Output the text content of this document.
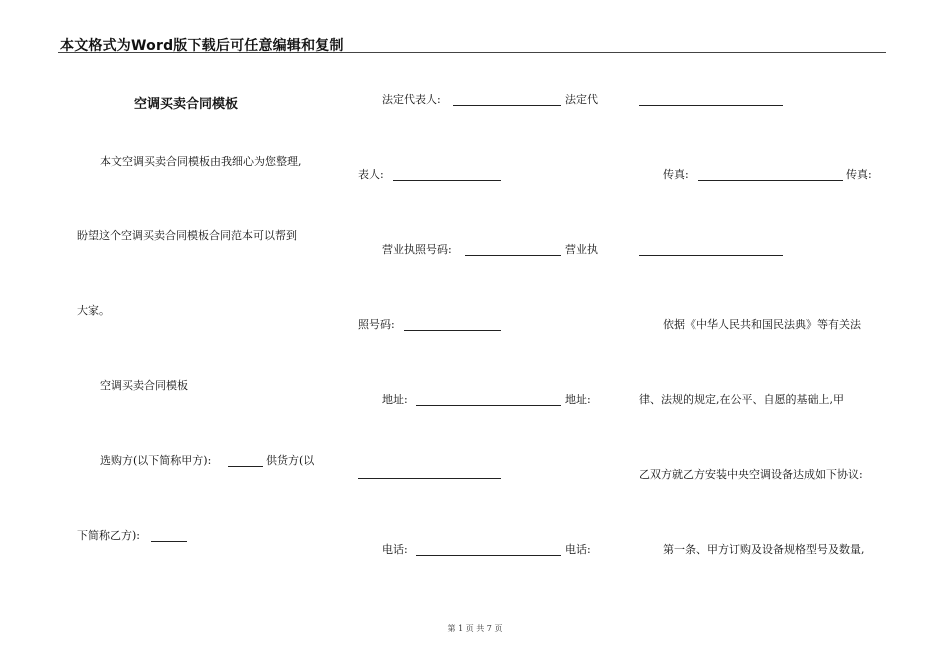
本文格式为Word版下载后可任意编辑和复制
空调买卖合同模板
本文空调买卖合同模板由我细心为您整理,
盼望这个空调买卖合同模板合同范本可以帮到
大家。
空调买卖合同模板
选购方(以下简称甲方):	供货方(以
下简称乙方):
法定代表人:	法定代
表人:
营业执照号码:	营业执
照号码:
地址:	地址:
电话:	电话:
传真:	传真:
依据《中华人民共和国民法典》等有关法
律、法规的规定,在公平、自愿的基础上,甲
乙双方就乙方安装中央空调设备达成如下协议:
第一条、甲方订购及设备规格型号及数量,
第 1 页 共 7 页
